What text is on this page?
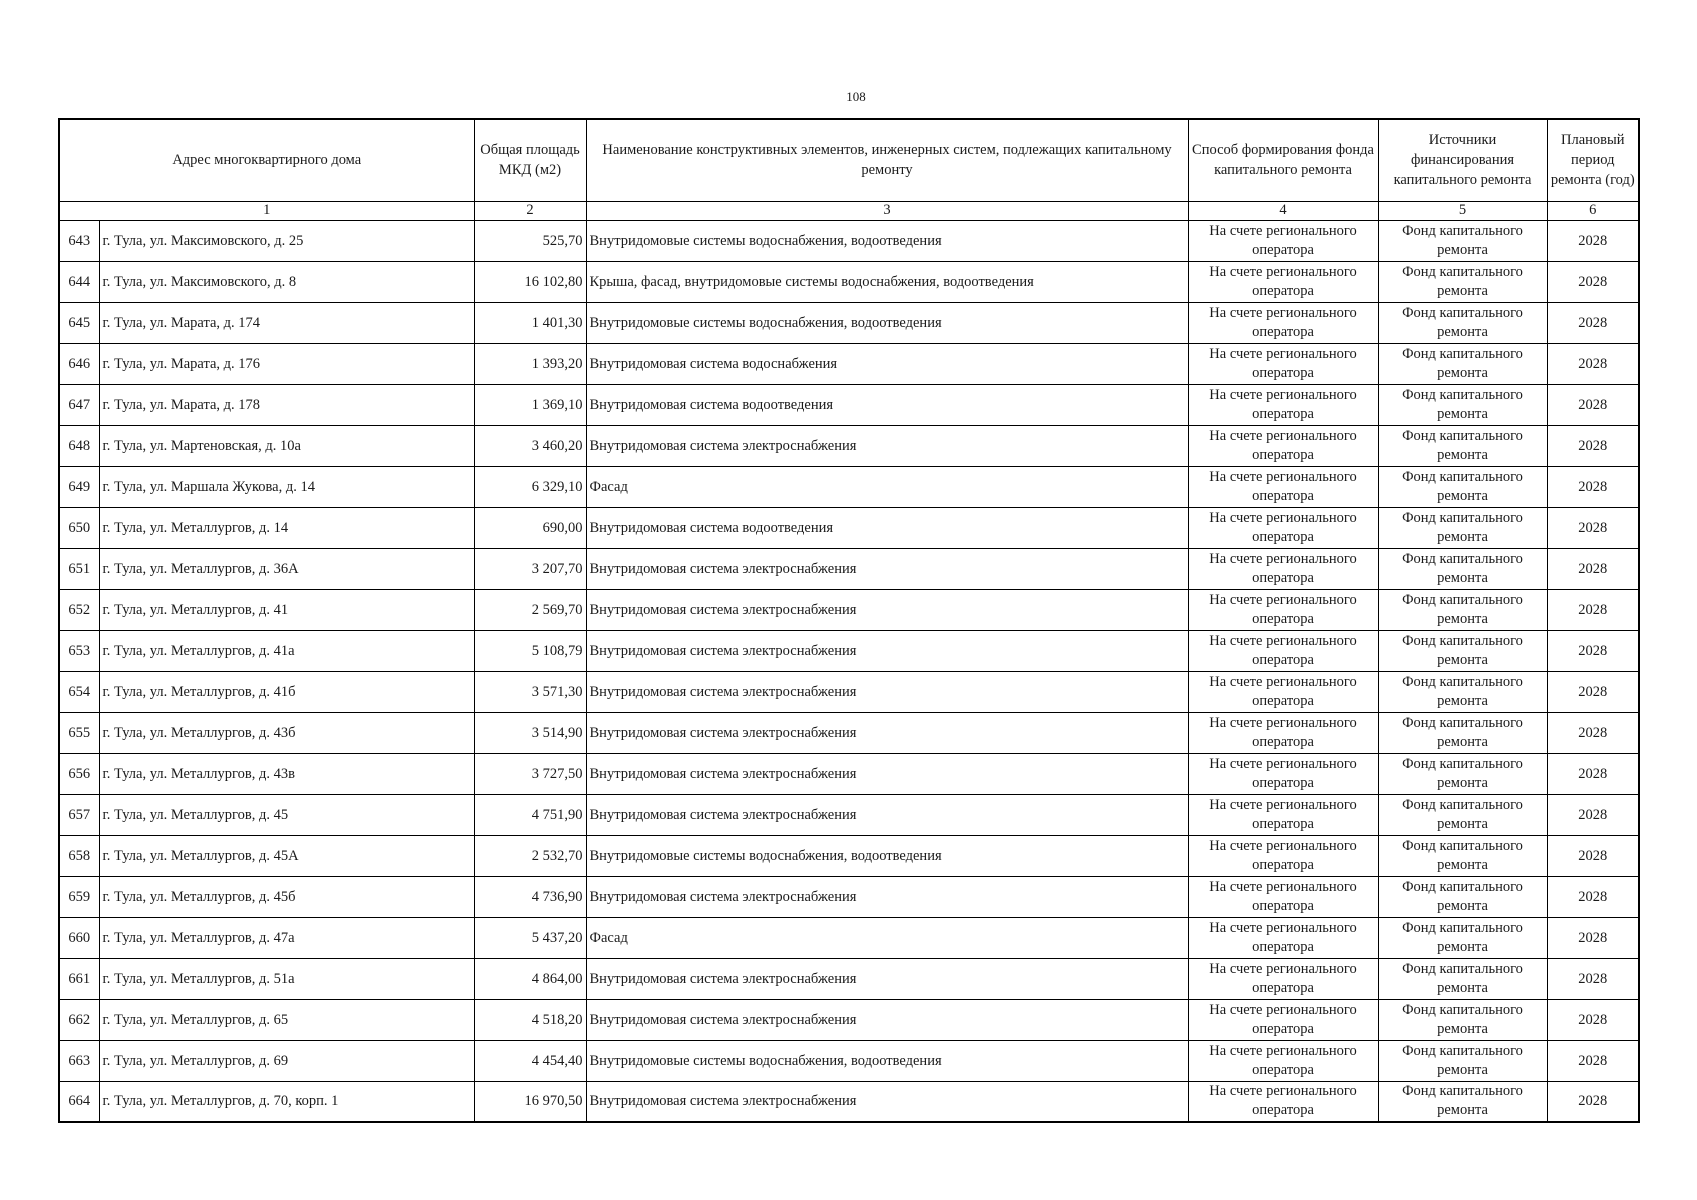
108
Адрес многоквартирного дома		Общая площадь МКД (м2)	Наименование конструктивных элементов, инженерных систем, подлежащих капитальному ремонту	Способ формирования фонда капитального ремонта	Источники финансирования капитального ремонта	Плановый период ремонта (год)
1		2	3	4	5	6
643	г. Тула, ул. Максимовского, д. 25	525,70	Внутридомовые системы водоснабжения, водоотведения	На счете регионального оператора	Фонд капитального ремонта	2028
644	г. Тула, ул. Максимовского, д. 8	16 102,80	Крыша, фасад, внутридомовые системы водоснабжения, водоотведения	На счете регионального оператора	Фонд капитального ремонта	2028
645	г. Тула, ул. Марата, д. 174	1 401,30	Внутридомовые системы водоснабжения, водоотведения	На счете регионального оператора	Фонд капитального ремонта	2028
646	г. Тула, ул. Марата, д. 176	1 393,20	Внутридомовая система водоснабжения	На счете регионального оператора	Фонд капитального ремонта	2028
647	г. Тула, ул. Марата, д. 178	1 369,10	Внутридомовая система водоотведения	На счете регионального оператора	Фонд капитального ремонта	2028
648	г. Тула, ул. Мартеновская, д. 10а	3 460,20	Внутридомовая система электроснабжения	На счете регионального оператора	Фонд капитального ремонта	2028
649	г. Тула, ул. Маршала Жукова, д. 14	6 329,10	Фасад	На счете регионального оператора	Фонд капитального ремонта	2028
650	г. Тула, ул. Металлургов, д. 14	690,00	Внутридомовая система водоотведения	На счете регионального оператора	Фонд капитального ремонта	2028
651	г. Тула, ул. Металлургов, д. 36А	3 207,70	Внутридомовая система электроснабжения	На счете регионального оператора	Фонд капитального ремонта	2028
652	г. Тула, ул. Металлургов, д. 41	2 569,70	Внутридомовая система электроснабжения	На счете регионального оператора	Фонд капитального ремонта	2028
653	г. Тула, ул. Металлургов, д. 41а	5 108,79	Внутридомовая система электроснабжения	На счете регионального оператора	Фонд капитального ремонта	2028
654	г. Тула, ул. Металлургов, д. 41б	3 571,30	Внутридомовая система электроснабжения	На счете регионального оператора	Фонд капитального ремонта	2028
655	г. Тула, ул. Металлургов, д. 43б	3 514,90	Внутридомовая система электроснабжения	На счете регионального оператора	Фонд капитального ремонта	2028
656	г. Тула, ул. Металлургов, д. 43в	3 727,50	Внутридомовая система электроснабжения	На счете регионального оператора	Фонд капитального ремонта	2028
657	г. Тула, ул. Металлургов, д. 45	4 751,90	Внутридомовая система электроснабжения	На счете регионального оператора	Фонд капитального ремонта	2028
658	г. Тула, ул. Металлургов, д. 45А	2 532,70	Внутридомовые системы водоснабжения, водоотведения	На счете регионального оператора	Фонд капитального ремонта	2028
659	г. Тула, ул. Металлургов, д. 45б	4 736,90	Внутридомовая система электроснабжения	На счете регионального оператора	Фонд капитального ремонта	2028
660	г. Тула, ул. Металлургов, д. 47а	5 437,20	Фасад	На счете регионального оператора	Фонд капитального ремонта	2028
661	г. Тула, ул. Металлургов, д. 51а	4 864,00	Внутридомовая система электроснабжения	На счете регионального оператора	Фонд капитального ремонта	2028
662	г. Тула, ул. Металлургов, д. 65	4 518,20	Внутридомовая система электроснабжения	На счете регионального оператора	Фонд капитального ремонта	2028
663	г. Тула, ул. Металлургов, д. 69	4 454,40	Внутридомовые системы водоснабжения, водоотведения	На счете регионального оператора	Фонд капитального ремонта	2028
664	г. Тула, ул. Металлургов, д. 70, корп. 1	16 970,50	Внутридомовая система электроснабжения	На счете регионального оператора	Фонд капитального ремонта	2028
